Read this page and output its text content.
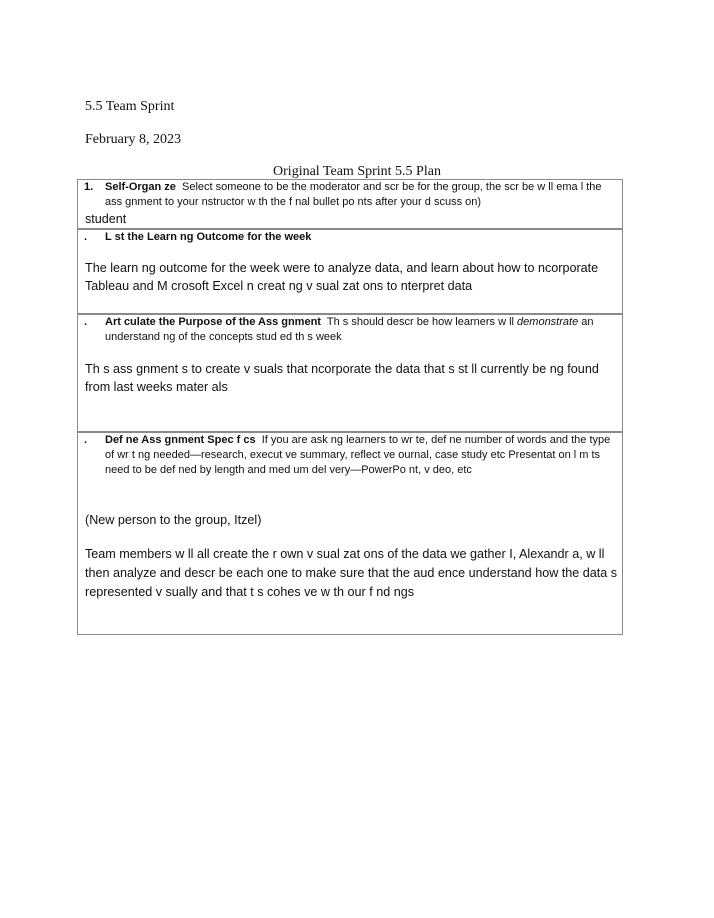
5.5 Team Sprint
February 8, 2023
Original Team Sprint 5.5 Plan
1. Self-Organ ze Select someone to be the moderator and scr be for the group, the scr be w ll ema l the ass gnment to your nstructor w th the f nal bullet po nts after your d scuss on)
student
. L st the Learn ng Outcome for the week
The learn ng outcome for the week were to analyze data, and learn about how to ncorporate Tableau and M crosoft Excel n creat ng v sual zat ons to nterpret data
. Art culate the Purpose of the Ass gnment Th s should descr be how learners w ll demonstrate an understand ng of the concepts stud ed th s week
Th s ass gnment s to create v suals that ncorporate the data that s st ll currently be ng found from last weeks mater als
. Def ne Ass gnment Spec f cs If you are ask ng learners to wr te, def ne number of words and the type of wr t ng needed—research, execut ve summary, reflect ve ournal, case study etc Presentat on l m ts need to be def ned by length and med um del very—PowerPo nt, v deo, etc
(New person to the group, Itzel)
Team members w ll all create the r own v sual zat ons of the data we gather I, Alexandr a, w ll then analyze and descr be each one to make sure that the aud ence understand how the data s represented v sually and that t s cohes ve w th our f nd ngs
